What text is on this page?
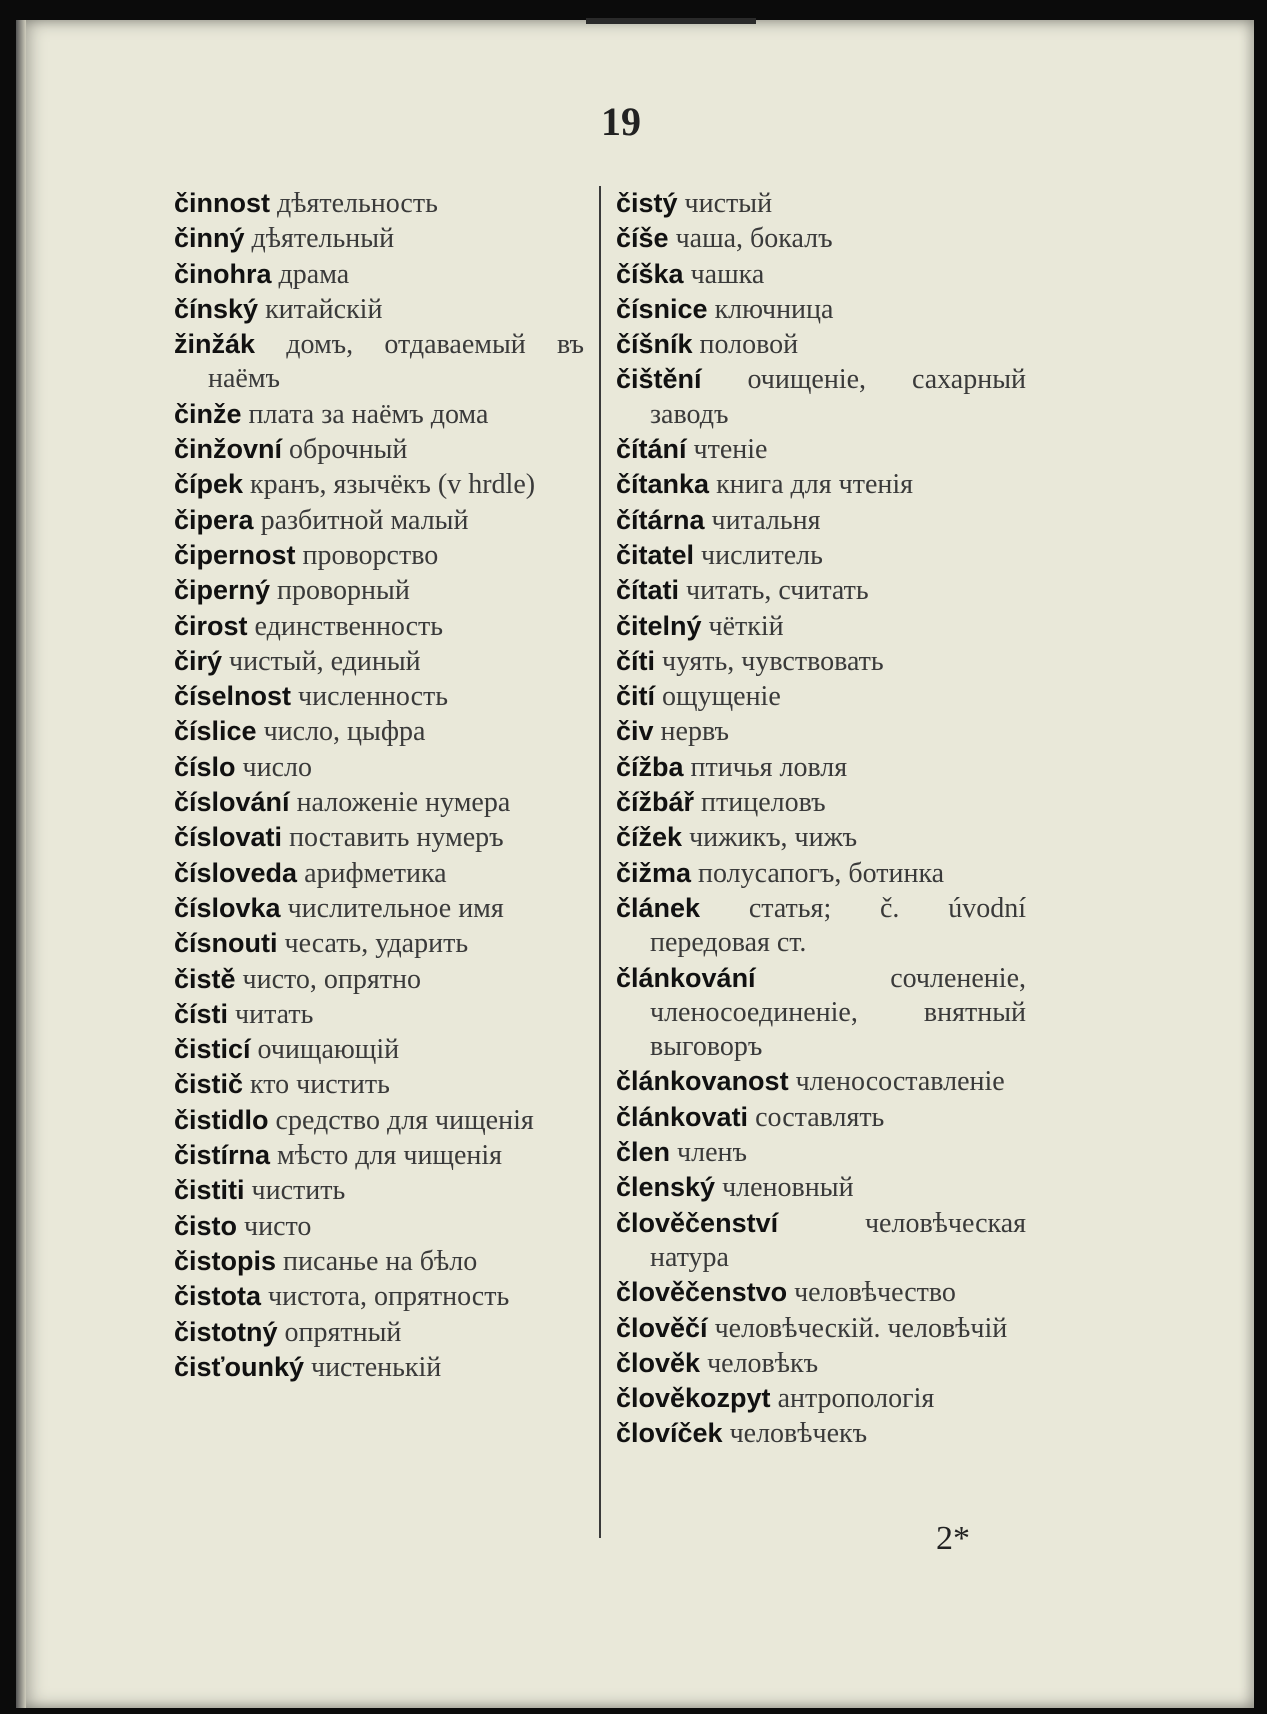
19
činnost дѣятельность
činný дѣятельный
činohra драма
čínský китайскій
žinžák домъ, отдаваемый въ наёмъ
činže плата за наёмъ дома
činžovní оброчный
čípek кранъ, язычёкъ (v hrdle)
čipera разбитной малый
čipernost проворство
čiperný проворный
čirost единственность
čirý чистый, единый
číselnost численность
číslice число, цыфра
číslo число
číslování наложеніе нумера
číslovati поставить нумеръ
čísloveda арифметика
číslovka числительное имя
čísnouti чесать, ударить
čistě чисто, опрятно
čísti читать
čisticí очищающій
čistič кто чистить
čistidlo средство для чищенія
čistírna мѣсто для чищенія
čistiti чистить
čisto чисто
čistopis писанье на бѣло
čistota чистота, опрятность
čistotný опрятный
čisťounký чистенькій
čistý чистый
číše чаша, бокалъ
číška чашка
čísnice ключница
číšník половой
čištění очищеніе, сахарный заводъ
čítání чтеніе
čítanka книга для чтенія
čítárna читальня
čitatel числитель
čítati читать, считать
čitelný чёткій
číti чуять, чувствовать
čití ощущеніе
čiv нервъ
čížba птичья ловля
čížbář птицеловъ
čížek чижикъ, чижъ
čižma полусапогъ, ботинка
článek статья; č. úvodní передовая ст.
článkování	сочлененіе, членосоединеніе, внятный выговоръ
článkovanost членосоставленіе
článkovati составлять
člen членъ
členský членовный
člověčenství	человѣческая натура
člověčenstvo человѣчество
člověčí человѣческій. человѣчій
člověk человѣкъ
člověkozpyt антропологія
človíček человѣчекъ
2*
